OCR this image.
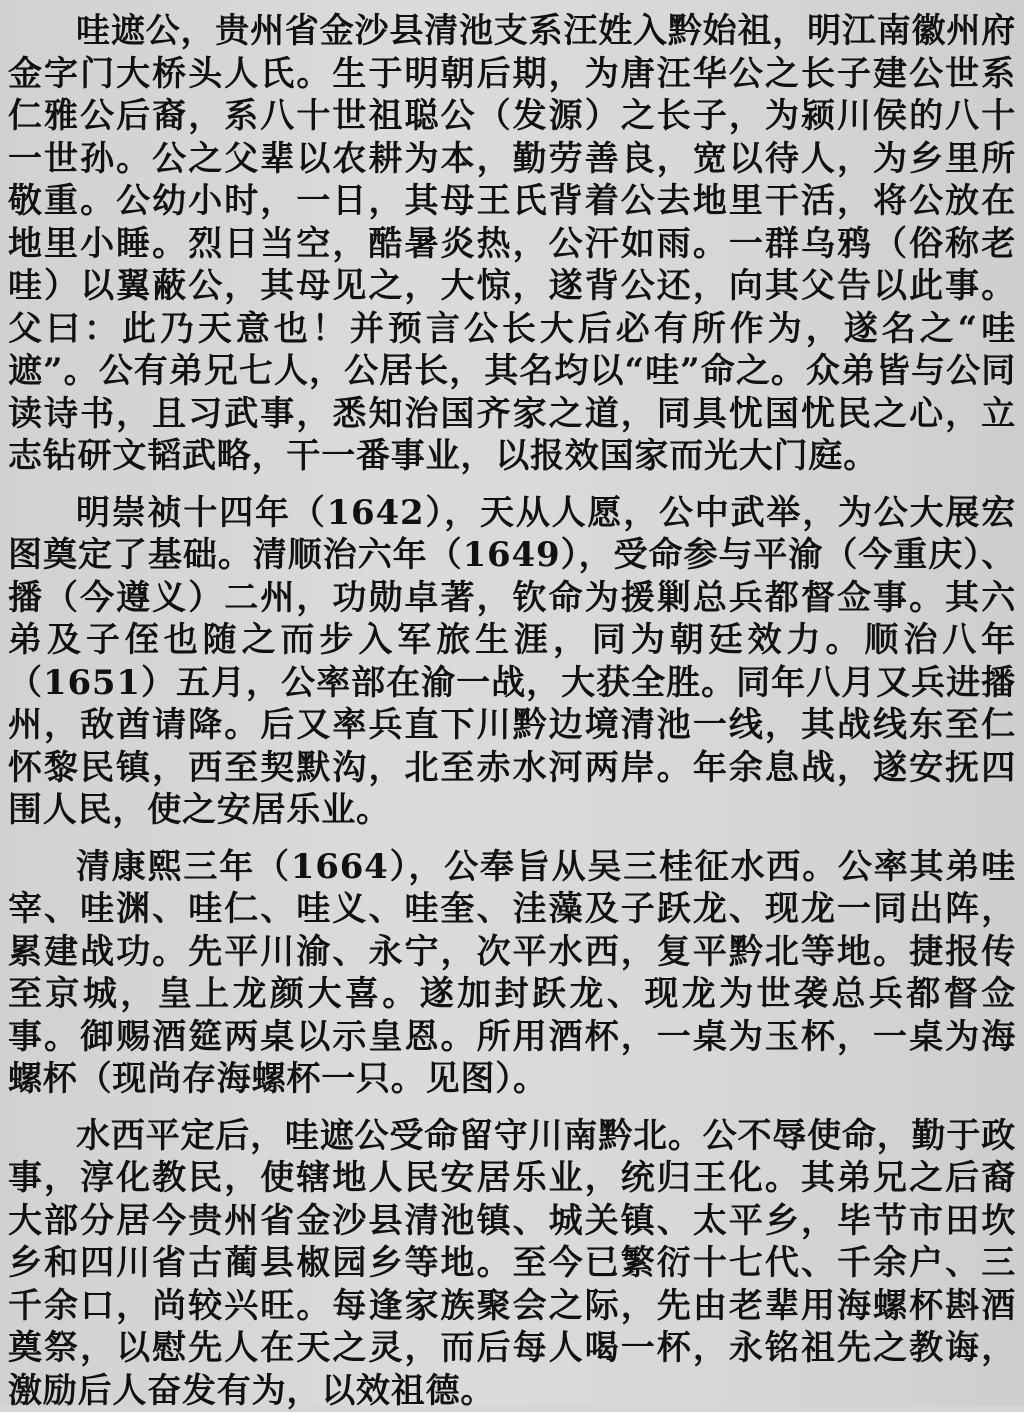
哇遮公，贵州省金沙县清池支系汪姓入黔始祖，明江南徽州府金字门大桥头人氏。生于明朝后期，为唐汪华公之长子建公世系仁雅公后裔，系八十世祖聪公（发源）之长子，为颍川侯的八十一世孙。公之父辈以农耕为本，勤劳善良，宽以待人，为乡里所敬重。公幼小时，一日，其母王氏背着公去地里干活，将公放在地里小睡。烈日当空，酷暑炎热，公汗如雨。一群乌鸦（俗称老哇）以翼蔽公，其母见之，大惊，遂背公还，向其父告以此事。父曰：此乃天意也！并预言公长大后必有所作为，遂名之“哇遮”。公有弟兄七人，公居长，其名均以“哇”命之。众弟皆与公同读诗书，且习武事，悉知治国齐家之道，同具忧国忧民之心，立志钻研文韬武略，干一番事业，以报效国家而光大门庭。

明崇祯十四年（1642），天从人愿，公中武举，为公大展宏图奠定了基础。清顺治六年（1649），受命参与平渝（今重庆）、播（今遵义）二州，功勋卓著，钦命为援剿总兵都督佥事。其六弟及子侄也随之而步入军旅生涯，同为朝廷效力。顺治八年（1651）五月，公率部在渝一战，大获全胜。同年八月又兵进播州，敌酋请降。后又率兵直下川黔边境清池一线，其战线东至仁怀黎民镇，西至契默沟，北至赤水河两岸。年余息战，遂安抚四围人民，使之安居乐业。

清康熙三年（1664），公奉旨从吴三桂征水西。公率其弟哇宰、哇渊、哇仁、哇义、哇奎、洼藻及子跃龙、现龙一同出阵，累建战功。先平川渝、永宁，次平水西，复平黔北等地。捷报传至京城，皇上龙颜大喜。遂加封跃龙、现龙为世袭总兵都督佥事。御赐酒筵两桌以示皇恩。所用酒杯，一桌为玉杯，一桌为海螺杯（现尚存海螺杯一只。见图）。

水西平定后，哇遮公受命留守川南黔北。公不辱使命，勤于政事，淳化教民，使辖地人民安居乐业，统归王化。其弟兄之后裔大部分居今贵州省金沙县清池镇、城关镇、太平乡，毕节市田坎乡和四川省古蔺县椒园乡等地。至今已繁衍十七代、千余户、三千余口，尚较兴旺。每逢家族聚会之际，先由老辈用海螺杯斟酒奠祭，以慰先人在天之灵，而后每人喝一杯，永铭祖先之教诲，激励后人奋发有为，以效祖德。
